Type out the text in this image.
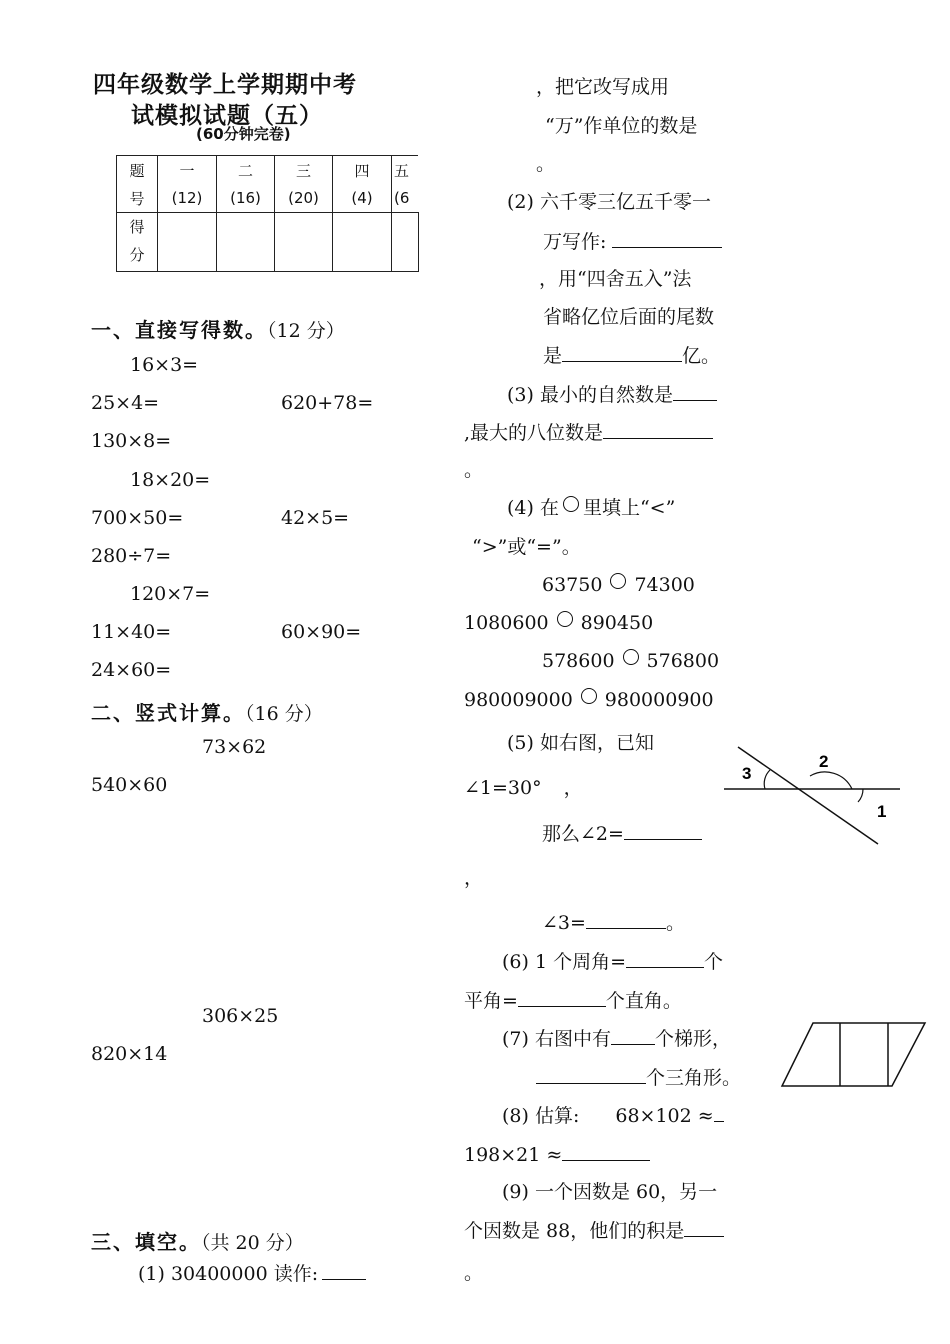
四年级数学上学期期中考
试模拟试题（五）
(60分钟完卷)
题	一	二	三	四	五
号	(12)	(16)	(20)	(4)	(6

得
分					

一、直接写得数。（12 分）
16×3=
25×4=	620+78=
130×8=
18×20=
700×50=	42×5=
280÷7=
120×7=
11×40=	60×90=
24×60=
二、竖式计算。（16 分）
73×62
540×60
306×25
820×14
三、填空。（共 20 分）
(1) 30400000 读作:
，把它改写成用
“万”作单位的数是
。
(2) 六千零三亿五千零一
万写作:
，用“四舍五入”法
省略亿位后面的尾数
是	亿。
(3) 最小的自然数是
,最大的八位数是
。
(4) 在 里填上“<”
“>”或“=”。
63750 74300
1080600 890450
578600 576800
980009000 980000900
(5) 如右图，已知
∠1=30° ，
那么∠2=
，
∠3=	。
3
2
1
(6) 1 个周角=	个
平角=	个直角。
(7) 右图中有 个梯形，
个三角形。
(8) 估算: 68×102 ≈
198×21 ≈
(9) 一个因数是 60，另一
个因数是 88，他们的积是
。
